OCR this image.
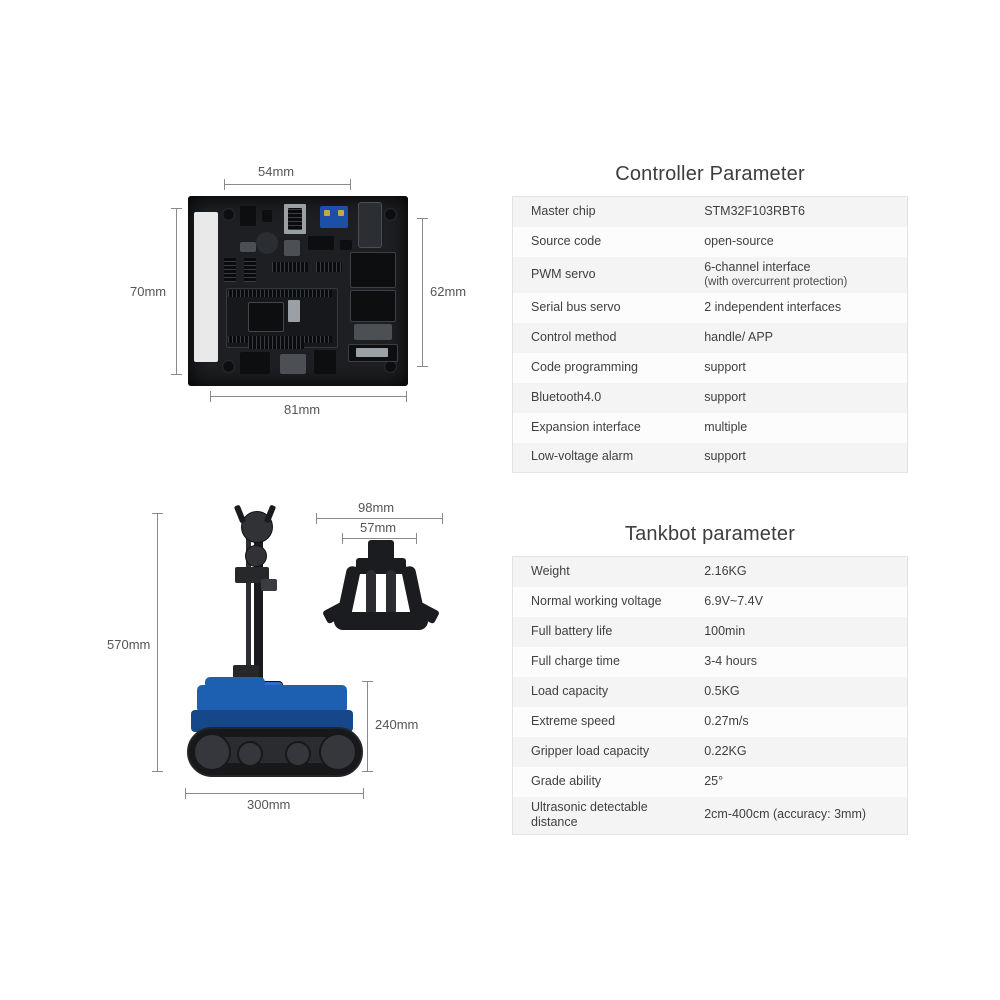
54mm
70mm	62mm
81mm
570mm
300mm
240mm
98mm
57mm
Controller Parameter
Master chip	STM32F103RBT6
Source code	open-source
PWM servo	6-channel interface
(with overcurrent protection)

Serial bus servo	2 independent interfaces
Control method	handle/ APP
Code programming	support
Bluetooth4.0	support
Expansion interface	multiple
Low-voltage alarm	support
Tankbot parameter
Weight	2.16KG
Normal working voltage	6.9V~7.4V
Full battery life	100min
Full charge time	3-4 hours
Load capacity	0.5KG
Extreme speed	0.27m/s
Gripper load capacity	0.22KG
Grade ability	25°
Ultrasonic detectable distance	2cm-400cm (accuracy: 3mm)
